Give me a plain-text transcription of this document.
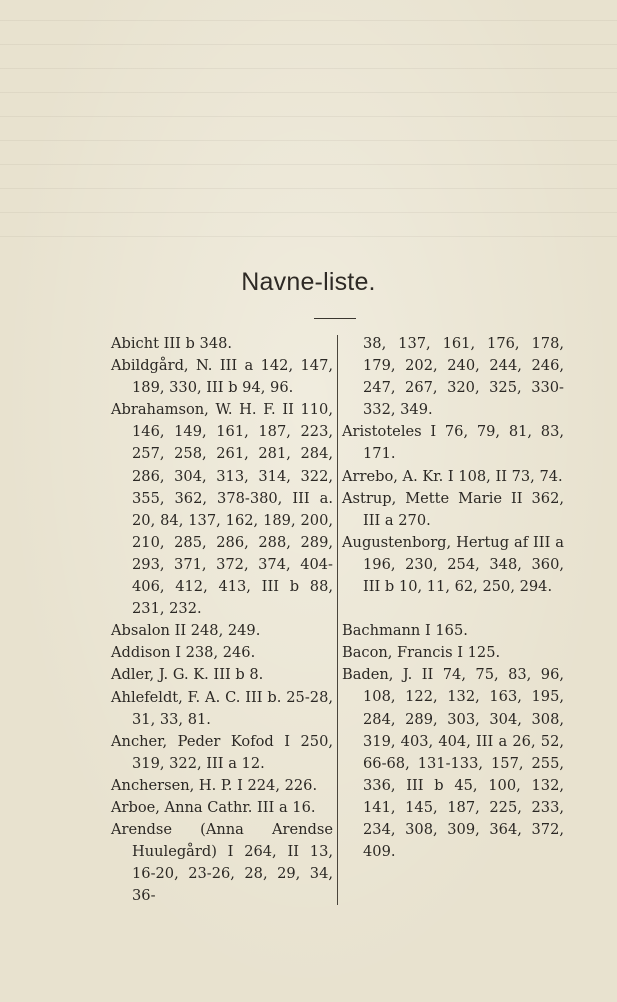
Navne-liste.

Abicht III b 348.

Abildgård, N. III a 142, 147, 189, 330, III b 94, 96.

Abrahamson, W. H. F. II 110, 146, 149, 161, 187, 223, 257, 258, 261, 281, 284, 286, 304, 313, 314, 322, 355, 362, 378-380, III a. 20, 84, 137, 162, 189, 200, 210, 285, 286, 288, 289, 293, 371, 372, 374, 404-406, 412, 413, III b 88, 231, 232.

Absalon II 248, 249.

Addison I 238, 246.

Adler, J. G. K. III b 8.

Ahlefeldt, F. A. C. III b. 25-28, 31, 33, 81.

Ancher, Peder Kofod I 250, 319, 322, III a 12.

Anchersen, H. P. I 224, 226.

Arboe, Anna Cathr. III a 16.

Arendse (Anna Arendse Huulegård) I 264, II 13, 16-20, 23-26, 28, 29, 34, 36-

38, 137, 161, 176, 178, 179, 202, 240, 244, 246, 247, 267, 320, 325, 330-332, 349.

Aristoteles I 76, 79, 81, 83, 171.

Arrebo, A. Kr. I 108, II 73, 74.

Astrup, Mette Marie II 362, III a 270.

Augustenborg, Hertug af III a 196, 230, 254, 348, 360, III b 10, 11, 62, 250, 294.

Bachmann I 165.

Bacon, Francis I 125.

Baden, J. II 74, 75, 83, 96, 108, 122, 132, 163, 195, 284, 289, 303, 304, 308, 319, 403, 404, III a 26, 52, 66-68, 131-133, 157, 255, 336, III b 45, 100, 132, 141, 145, 187, 225, 233, 234, 308, 309, 364, 372, 409.
